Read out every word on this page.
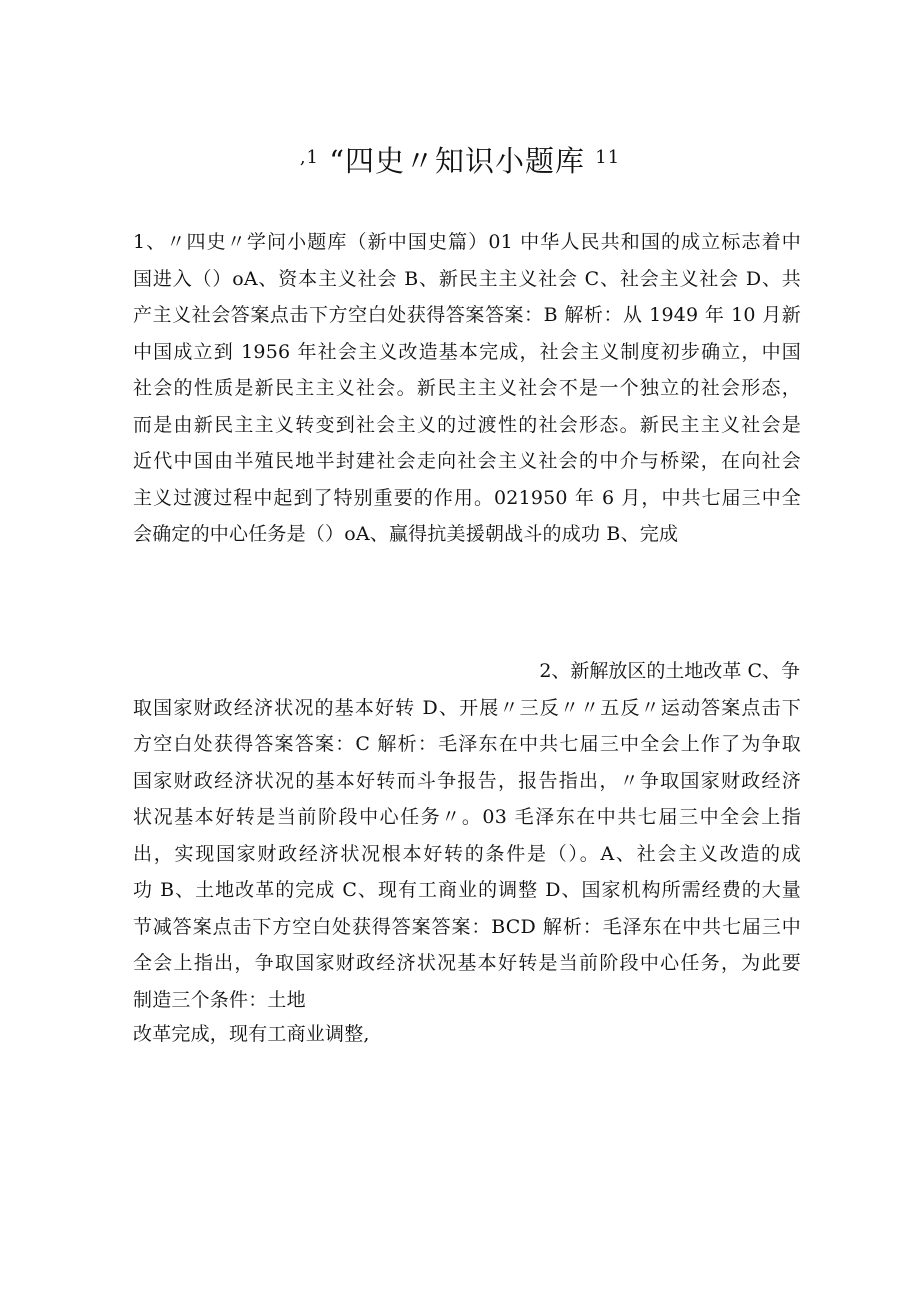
$^{,1}$ “四史〃知识小题库 $^{11}$
1、〃四史〃学问小题库（新中国史篇）01 中华人民共和国的成立标志着中
国进入（）oA、资本主义社会 B、新民主主义社会 C、社会主义社会 D、共
产主义社会答案点击下方空白处获得答案答案：B 解析：从 1949 年 10 月新
中国成立到 1956 年社会主义改造基本完成，社会主义制度初步确立，中国
社会的性质是新民主主义社会。新民主主义社会不是一个独立的社会形态，
而是由新民主主义转变到社会主义的过渡性的社会形态。新民主主义社会是
近代中国由半殖民地半封建社会走向社会主义社会的中介与桥梁，在向社会
主义过渡过程中起到了特别重要的作用。021950 年 6 月，中共七届三中全
会确定的中心任务是（）oA、赢得抗美援朝战斗的成功 B、完成
2、新解放区的土地改革 C、争
取国家财政经济状况的基本好转 D、开展〃三反〃〃五反〃运动答案点击下
方空白处获得答案答案：C 解析：毛泽东在中共七届三中全会上作了为争取
国家财政经济状况的基本好转而斗争报告，报告指出，〃争取国家财政经济
状况基本好转是当前阶段中心任务〃。03 毛泽东在中共七届三中全会上指
出，实现国家财政经济状况根本好转的条件是（）。A、社会主义改造的成
功 B、土地改革的完成 C、现有工商业的调整 D、国家机构所需经费的大量
节减答案点击下方空白处获得答案答案：BCD 解析：毛泽东在中共七届三中
全会上指出，争取国家财政经济状况基本好转是当前阶段中心任务，为此要
制造三个条件：土地
改革完成，现有工商业调整,
